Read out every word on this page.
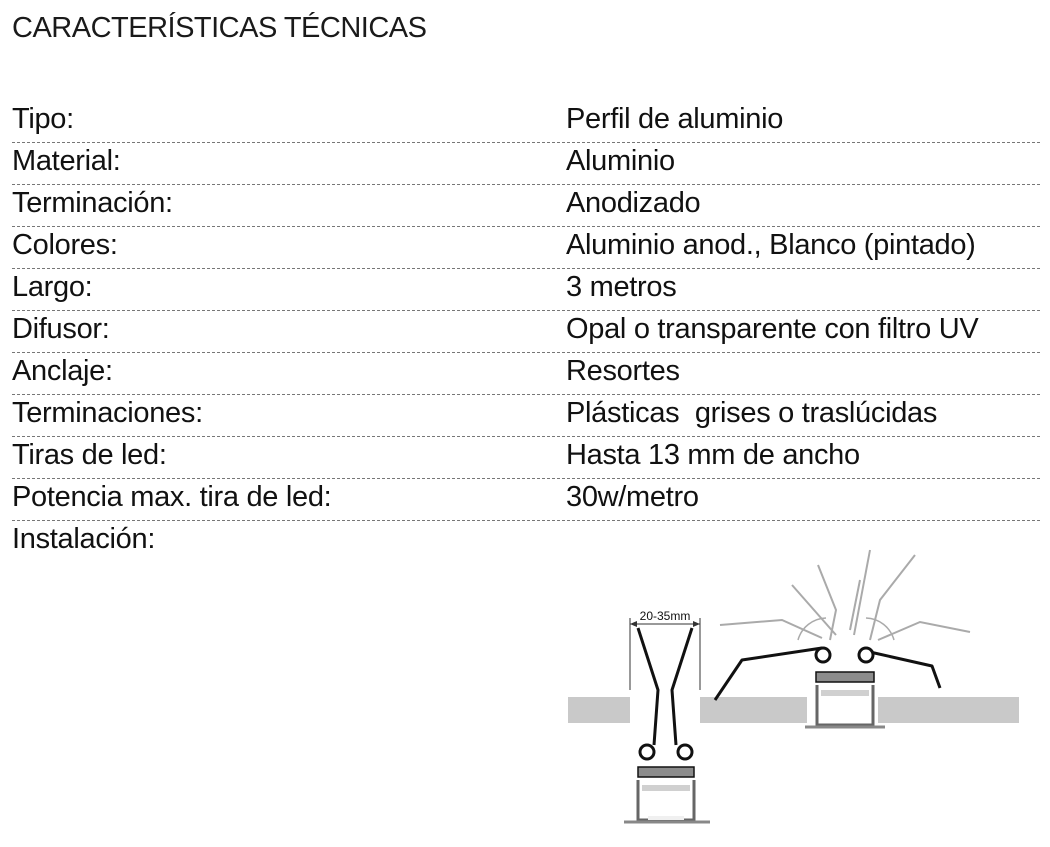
CARACTERÍSTICAS TÉCNICAS
Tipo:	Perfil de aluminio
Material:	Aluminio
Terminación:	Anodizado
Colores:	Aluminio anod., Blanco (pintado)
Largo:	3 metros
Difusor:	Opal o transparente con filtro UV
Anclaje:	Resortes
Terminaciones:	Plásticas  grises o traslúcidas
Tiras de led:	Hasta 13 mm de ancho
Potencia max. tira de led:	30w/metro
Instalación:
20-35mm
